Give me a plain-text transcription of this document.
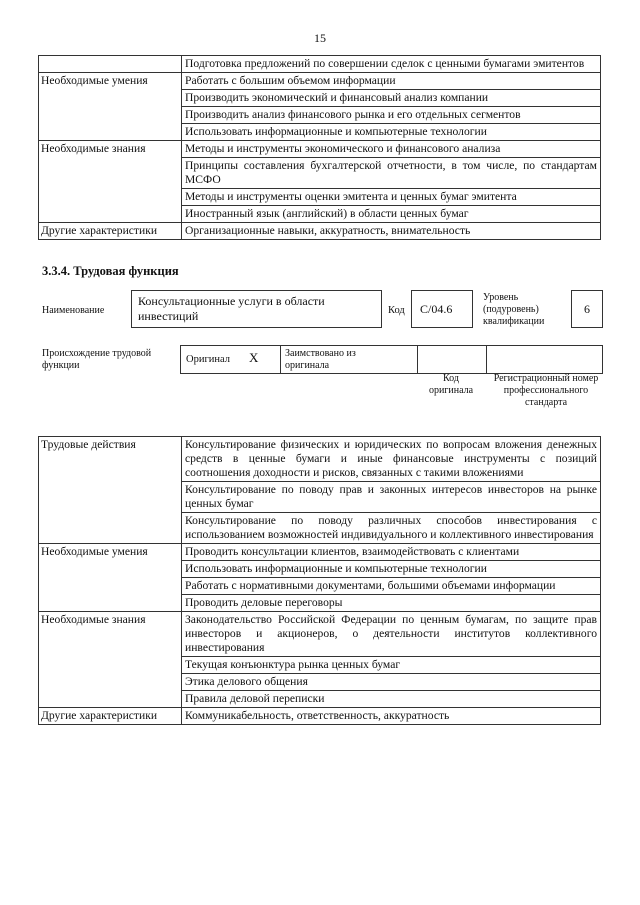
15
	Подготовка предложений по совершении сделок с ценными бумагами эмитентов
Необходимые умения	Работать с большим объемом информации
	Производить экономический и финансовый анализ компании
	Производить анализ финансового рынка и его отдельных сегментов
	Использовать информационные и компьютерные технологии
Необходимые знания	Методы и инструменты экономического и финансового анализа
	Принципы составления бухгалтерской отчетности, в том числе, по стандартам МСФО
	Методы и инструменты оценки эмитента и ценных бумаг эмитента
	Иностранный язык (английский) в области ценных бумаг
Другие характеристики	Организационные навыки, аккуратность, внимательность
3.3.4. Трудовая функция
Наименование
Консультационные услуги в области инвестиций	Код	C/04.6
Уровень (подуровень) квалификации
6
Происхождение трудовой функции
Оригинал X	Заимствовано из оригинала
Код оригинала
Регистрационный номер профессионального стандарта
Трудовые действия	Консультирование физических и юридических по вопросам вложения денежных средств в ценные бумаги и иные финансовые инструменты с позиций соотношения доходности и рисков, связанных с такими вложениями
	Консультирование по поводу прав и законных интересов инвесторов на рынке ценных бумаг
	Консультирование по поводу различных способов инвестирования с использованием возможностей индивидуального и коллективного инвестирования
Необходимые умения	Проводить консультации клиентов, взаимодействовать с клиентами
	Использовать информационные и компьютерные технологии
	Работать с нормативными документами, большими объемами информации
	Проводить деловые переговоры
Необходимые знания	Законодательство Российской Федерации по ценным бумагам, по защите прав инвесторов и акционеров, о деятельности институтов коллективного инвестирования
	Текущая конъюнктура рынка ценных бумаг
	Этика делового общения
	Правила деловой переписки
Другие характеристики	Коммуникабельность, ответственность, аккуратность
